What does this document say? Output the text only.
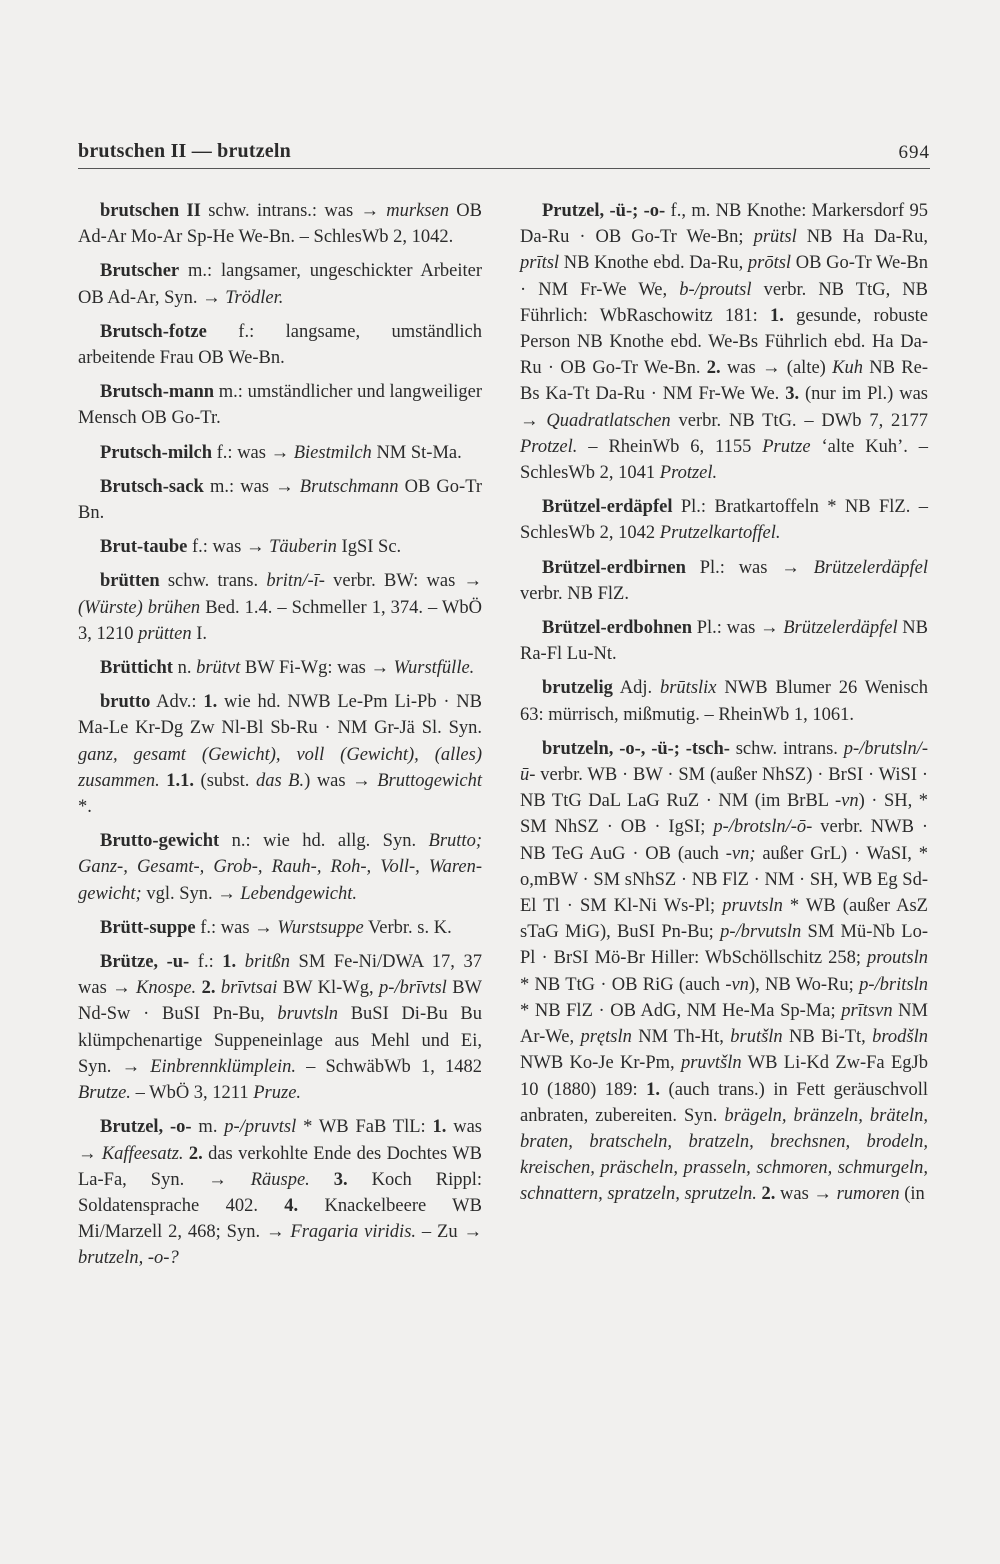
brutschen II — brutzeln	694

brutschen II schw. intrans.: was → murksen OB Ad-Ar Mo-Ar Sp-He We-Bn. – SchlesWb 2, 1042.

Brutscher m.: langsamer, ungeschickter Arbeiter OB Ad-Ar, Syn. → Trödler.

Brutsch-fotze f.: langsame, umständlich arbeitende Frau OB We-Bn.

Brutsch-mann m.: umständlicher und langweiliger Mensch OB Go-Tr.

Prutsch-milch f.: was → Biestmilch NM St-Ma.

Brutsch-sack m.: was → Brutschmann OB Go-Tr Bn.

Brut-taube f.: was → Täuberin IgSI Sc.

brütten schw. trans. britn/-ī- verbr. BW: was → (Würste) brühen Bed. 1.4. – Schmeller 1, 374. – WbÖ 3, 1210 prütten I.

Brütticht n. brütvt BW Fi-Wg: was → Wurstfülle.

brutto Adv.: 1. wie hd. NWB Le-Pm Li-Pb · NB Ma-Le Kr-Dg Zw Nl-Bl Sb-Ru · NM Gr-Jä Sl. Syn. ganz, gesamt (Gewicht), voll (Gewicht), (alles) zusammen. 1.1. (subst. das B.) was → Bruttogewicht *.

Brutto-gewicht n.: wie hd. allg. Syn. Brutto; Ganz-, Gesamt-, Grob-, Rauh-, Roh-, Voll-, Waren-gewicht; vgl. Syn. → Lebendgewicht.

Brütt-suppe f.: was → Wurstsuppe Verbr. s. K.

Brütze, -u- f.: 1. britßn SM Fe-Ni/DWA 17, 37 was → Knospe. 2. brīvtsai BW Kl-Wg, p-/brīvtsl BW Nd-Sw · BuSI Pn-Bu, bruvtsln BuSI Di-Bu Bu klümpchenartige Suppeneinlage aus Mehl und Ei, Syn. → Einbrennklümplein. – SchwäbWb 1, 1482 Brutze. – WbÖ 3, 1211 Pruze.

Brutzel, -o- m. p-/pruvtsl * WB FaB TlL: 1. was → Kaffeesatz. 2. das verkohlte Ende des Dochtes WB La-Fa, Syn. → Räuspe. 3. Koch Rippl: Soldatensprache 402. 4. Knackelbeere WB Mi/Marzell 2, 468; Syn. → Fragaria viridis. – Zu → brutzeln, -o-?

Prutzel, -ü-; -o- f., m. NB Knothe: Markersdorf 95 Da-Ru · OB Go-Tr We-Bn; prütsl NB Ha Da-Ru, prītsl NB Knothe ebd. Da-Ru, prōtsl OB Go-Tr We-Bn · NM Fr-We We, b-/proutsl verbr. NB TtG, NB Führlich: WbRaschowitz 181: 1. gesunde, robuste Person NB Knothe ebd. We-Bs Führlich ebd. Ha Da-Ru · OB Go-Tr We-Bn. 2. was → (alte) Kuh NB Re-Bs Ka-Tt Da-Ru · NM Fr-We We. 3. (nur im Pl.) was → Quadratlatschen verbr. NB TtG. – DWb 7, 2177 Protzel. – RheinWb 6, 1155 Prutze ‘alte Kuh’. – SchlesWb 2, 1041 Protzel.

Brützel-erdäpfel Pl.: Bratkartoffeln * NB FlZ. – SchlesWb 2, 1042 Prutzelkartoffel.

Brützel-erdbirnen Pl.: was → Brützelerdäpfel verbr. NB FlZ.

Brützel-erdbohnen Pl.: was → Brützelerdäpfel NB Ra-Fl Lu-Nt.

brutzelig Adj. brūtslix NWB Blumer 26 Wenisch 63: mürrisch, mißmutig. – RheinWb 1, 1061.

brutzeln, -o-, -ü-; -tsch- schw. intrans. p-/brutsln/-ū- verbr. WB · BW · SM (außer NhSZ) · BrSI · WiSI · NB TtG DaL LaG RuZ · NM (im BrBL -vn) · SH, * SM NhSZ · OB · IgSI; p-/brotsln/-ō- verbr. NWB · NB TeG AuG · OB (auch -vn; außer GrL) · WaSI, * o,mBW · SM sNhSZ · NB FlZ · NM · SH, WB Eg Sd-El Tl · SM Kl-Ni Ws-Pl; pruvtsln * WB (außer AsZ sTaG MiG), BuSI Pn-Bu; p-/brvutsln SM Mü-Nb Lo-Pl · BrSI Mö-Br Hiller: WbSchöllschitz 258; proutsln * NB TtG · OB RiG (auch -vn), NB Wo-Ru; p-/britsln * NB FlZ · OB AdG, NM He-Ma Sp-Ma; prītsvn NM Ar-We, prętsln NM Th-Ht, brutšln NB Bi-Tt, brodšln NWB Ko-Je Kr-Pm, pruvtšln WB Li-Kd Zw-Fa EgJb 10 (1880) 189: 1. (auch trans.) in Fett geräuschvoll anbraten, zubereiten. Syn. brägeln, bränzeln, bräteln, braten, bratscheln, bratzeln, brechsnen, brodeln, kreischen, präscheln, prasseln, schmoren, schmurgeln, schnattern, spratzeln, sprutzeln. 2. was → rumoren (in
